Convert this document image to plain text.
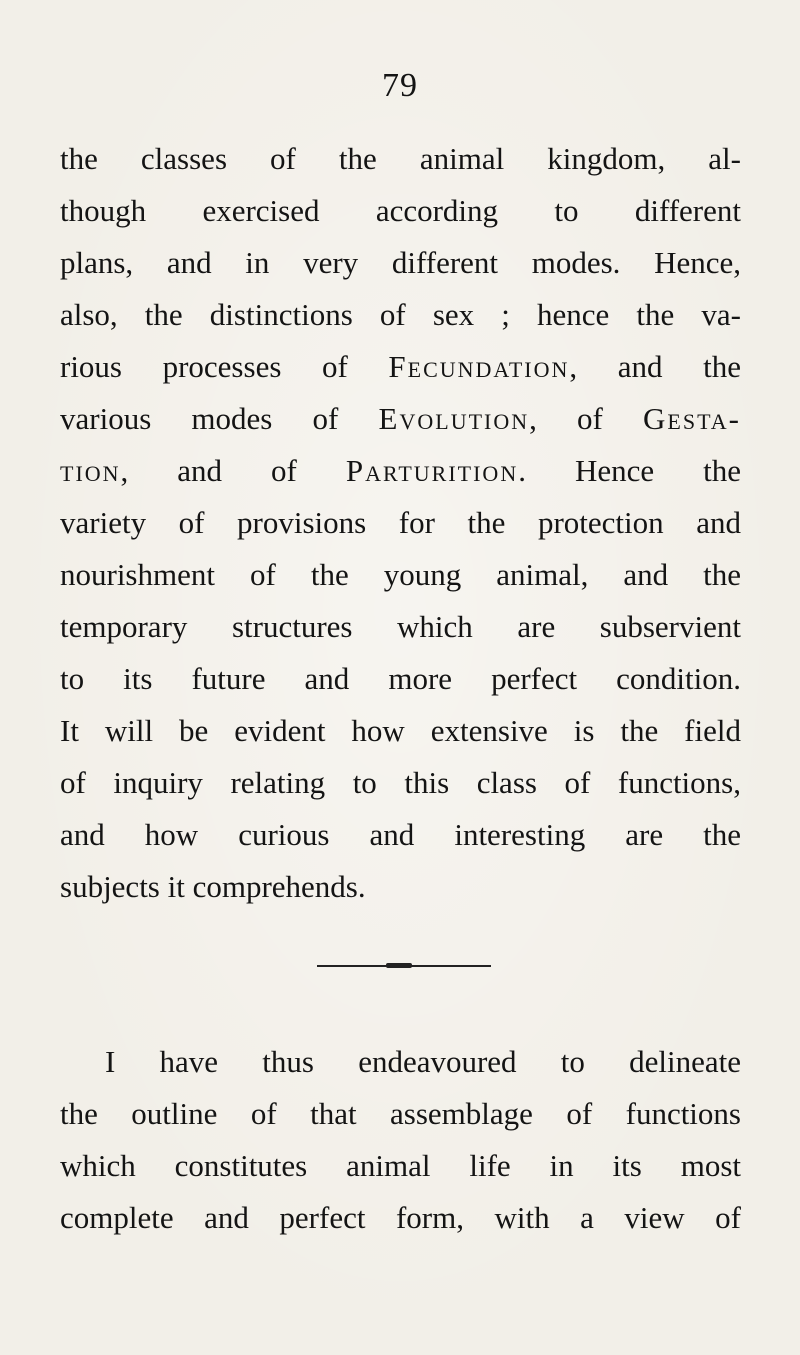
79
the classes of the animal kingdom, al-
though exercised according to different
plans, and in very different modes. Hence,
also, the distinctions of sex ; hence the va-
rious processes of Fecundation, and the
various modes of Evolution, of Gesta-
tion, and of Parturition. Hence the
variety of provisions for the protection and
nourishment of the young animal, and the
temporary structures which are subservient
to its future and more perfect condition.
It will be evident how extensive is the field
of inquiry relating to this class of functions,
and how curious and interesting are the
subjects it comprehends.
I have thus endeavoured to delineate
the outline of that assemblage of functions
which constitutes animal life in its most
complete and perfect form, with a view of
